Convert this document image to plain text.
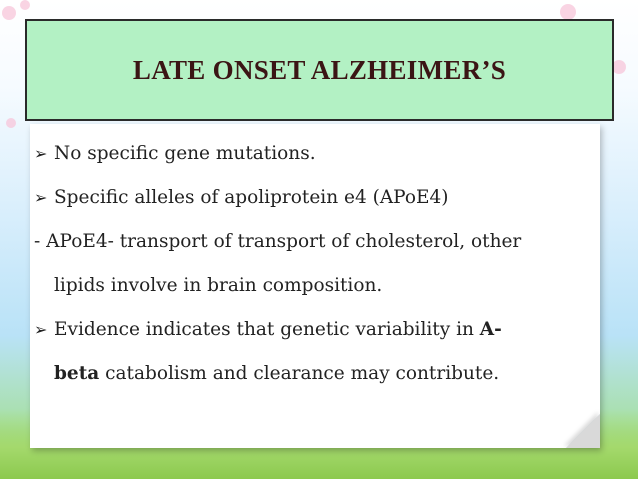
LATE ONSET ALZHEIMER’S
➢ No specific gene mutations.
➢ Specific alleles of apoliprotein e4 (APoE4)
- APoE4- transport of transport of cholesterol, other
lipids involve in brain composition.
➢ Evidence indicates that genetic variability in A-
beta catabolism and clearance may contribute.
